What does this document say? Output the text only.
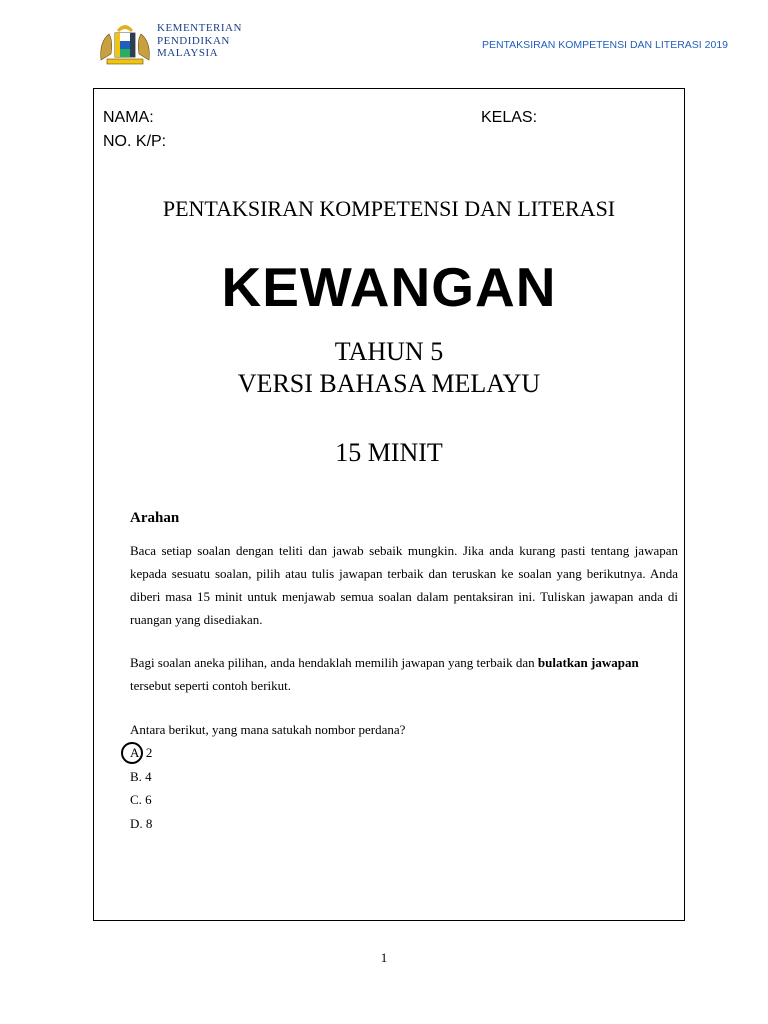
KEMENTERIAN
PENDIDIKAN
MALAYSIA
PENTAKSIRAN KOMPETENSI DAN LITERASI 2019
NAMA:	KELAS:
NO. K/P:
PENTAKSIRAN KOMPETENSI DAN LITERASI
KEWANGAN
TAHUN 5
VERSI BAHASA MELAYU
15 MINIT

Arahan

Baca setiap soalan dengan teliti dan jawab sebaik mungkin. Jika anda kurang pasti tentang jawapan kepada sesuatu soalan, pilih atau tulis jawapan terbaik dan teruskan ke soalan yang berikutnya. Anda diberi masa 15 minit untuk menjawab semua soalan dalam pentaksiran ini. Tuliskan jawapan anda di ruangan yang disediakan.

Bagi soalan aneka pilihan, anda hendaklah memilih jawapan yang terbaik dan bulatkan jawapan tersebut seperti contoh berikut.

Antara berikut, yang mana satukah nombor perdana?

A. 2
B. 4
C. 6
D. 8
1
